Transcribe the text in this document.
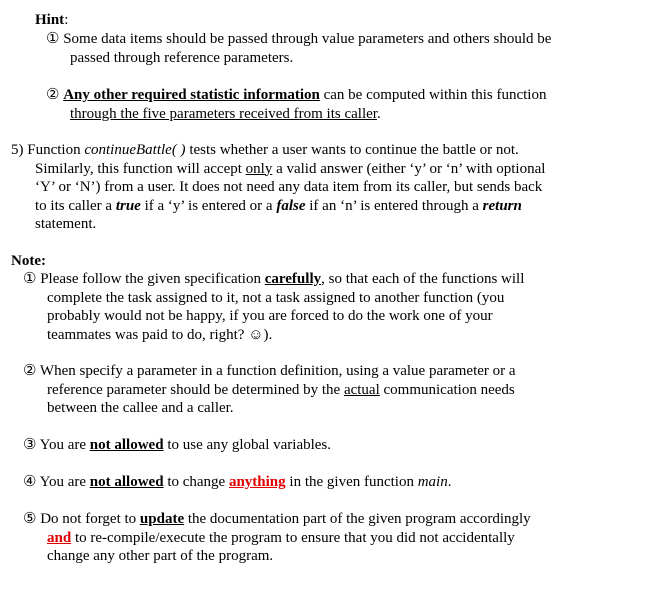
Hint:
① Some data items should be passed through value parameters and others should be
passed through reference parameters.
② Any other required statistic information can be computed within this function
through the five parameters received from its caller.
5) Function continueBattle( ) tests whether a user wants to continue the battle or not.
Similarly, this function will accept only a valid answer (either ‘y’ or ‘n’ with optional
‘Y’ or ‘N’) from a user. It does not need any data item from its caller, but sends back
to its caller a true if a ‘y’ is entered or a false if an ‘n’ is entered through a return
statement.
Note:
① Please follow the given specification carefully, so that each of the functions will
complete the task assigned to it, not a task assigned to another function (you
probably would not be happy, if you are forced to do the work one of your
teammates was paid to do, right? ☺).
② When specify a parameter in a function definition, using a value parameter or a
reference parameter should be determined by the actual communication needs
between the callee and a caller.
③ You are not allowed to use any global variables.
④ You are not allowed to change anything in the given function main.
⑤ Do not forget to update the documentation part of the given program accordingly
and to re-compile/execute the program to ensure that you did not accidentally
change any other part of the program.
